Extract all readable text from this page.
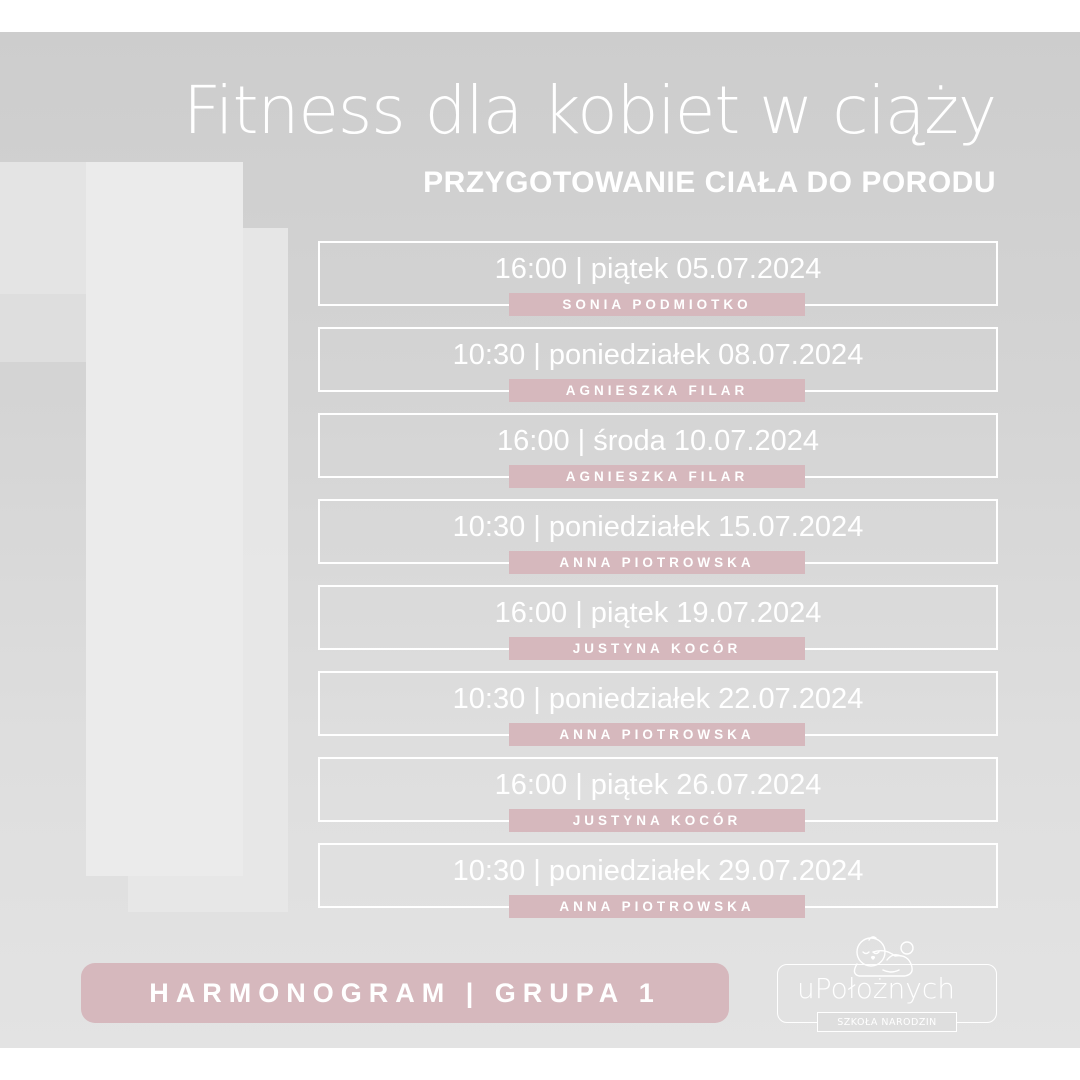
Fitness dla kobiet w ciąży
PRZYGOTOWANIE CIAŁA DO PORODU
16:00 | piątek 05.07.2024
SONIA PODMIOTKO
10:30 | poniedziałek 08.07.2024
AGNIESZKA FILAR
16:00 | środa 10.07.2024
AGNIESZKA FILAR
10:30 | poniedziałek 15.07.2024
ANNA PIOTROWSKA
16:00 | piątek 19.07.2024
JUSTYNA KOCÓR
10:30 | poniedziałek 22.07.2024
ANNA PIOTROWSKA
16:00 | piątek 26.07.2024
JUSTYNA KOCÓR
10:30 | poniedziałek 29.07.2024
ANNA PIOTROWSKA
HARMONOGRAM | GRUPA 1	uPołożnych
SZKOŁA NARODZIN
